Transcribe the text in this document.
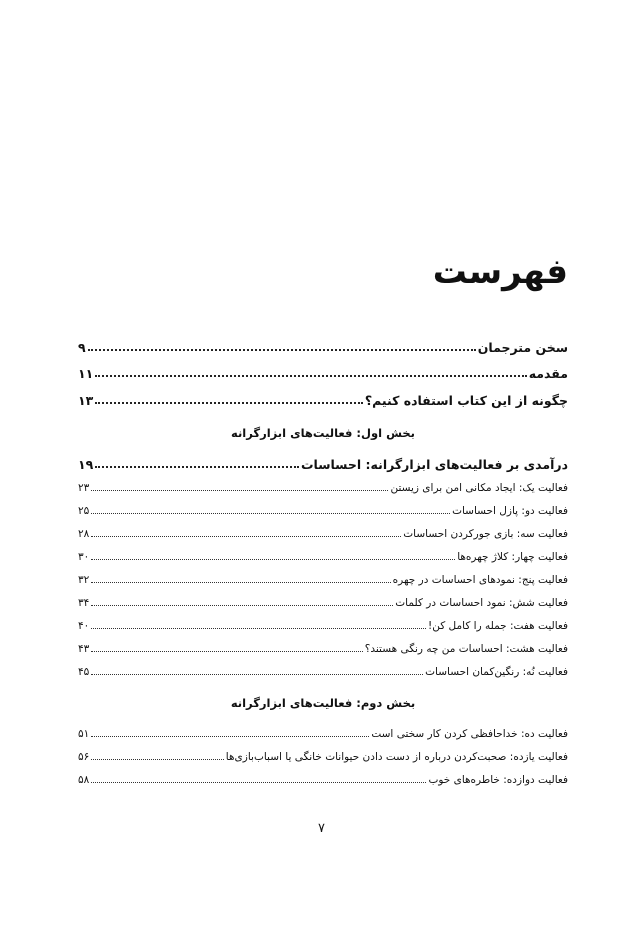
فهرست
سخن مترجمان
۹
مقدمه
۱۱
چگونه از این کتاب استفاده کنیم؟
۱۳
بخش اول: فعالیت‌های ابزارگرانه
درآمدی بر فعالیت‌های ابزارگرانه: احساسات
۱۹
فعالیت یک: ایجاد مکانی امن برای زیستن
۲۳
فعالیت دو: پازل احساسات
۲۵
فعالیت سه: بازی جورکردن احساسات
۲۸
فعالیت چهار: کلاژ چهره‌ها
۳۰
فعالیت پنج: نمودهای احساسات در چهره
۳۲
فعالیت شش: نمود احساسات در کلمات
۳۴
فعالیت هفت: جمله را کامل کن!
۴۰
فعالیت هشت: احساسات من چه رنگی هستند؟
۴۳
فعالیت نُه: رنگین‌کمان احساسات
۴۵
بخش دوم: فعالیت‌های ابزارگرانه
فعالیت ده: خداحافظی کردن کار سختی است
۵۱
فعالیت یازده: صحبت‌کردن درباره از دست دادن حیوانات خانگی یا اسباب‌بازی‌ها
۵۶
فعالیت دوازده: خاطره‌های خوب
۵۸
۷
